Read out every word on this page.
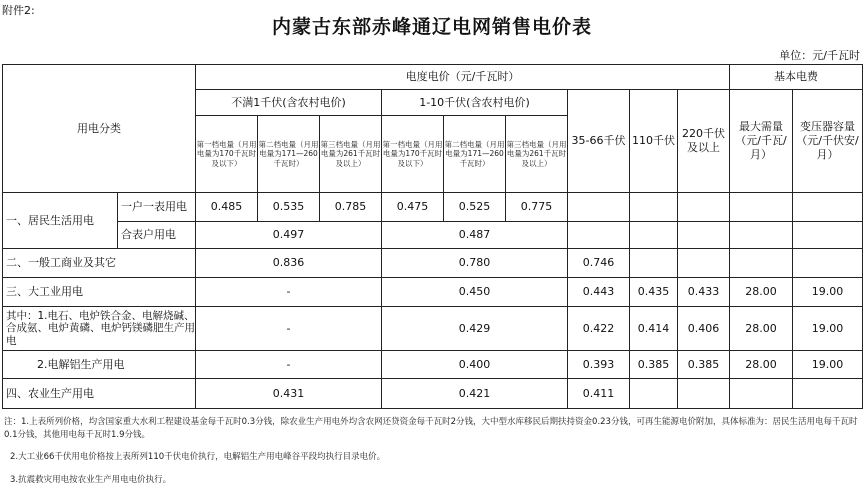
附件2:
内蒙古东部赤峰通辽电网销售电价表
单位：元/千瓦时
用电分类		电度电价（元/千瓦时）									基本电费	
		不满1千伏(含农村电价)			1-10千伏(含农村电价)			35-66千伏	110千伏	220千伏及以上	最大需量（元/千瓦/月）	变压器容量（元/千伏安/月）
		第一档电量（月用电量为170千瓦时及以下）	第二档电量（月用电量为171—260千瓦时）	第三档电量（月用电量为261千瓦时及以上）	第一档电量（月用电量为170千瓦时及以下）	第二档电量（月用电量为171—260千瓦时）	第三档电量（月用电量为261千瓦时及以上）					
一、居民生活用电	一户一表用电	0.485	0.535	0.785	0.475	0.525	0.775					
	合表户用电	0.497			0.487							
二、一般工商业及其它		0.836			0.780			0.746				
三、大工业用电		-			0.450			0.443	0.435	0.433	28.00	19.00
其中：1.电石、电炉铁合金、电解烧碱、合成氨、电炉黄磷、电炉钙镁磷肥生产用电		-			0.429			0.422	0.414	0.406	28.00	19.00
2.电解铝生产用电		-			0.400			0.393	0.385	0.385	28.00	19.00
四、农业生产用电		0.431			0.421			0.411				
注：1.上表所列价格，均含国家重大水利工程建设基金每千瓦时0.3分钱，除农业生产用电外均含农网还贷资金每千瓦时2分钱，大中型水库移民后期扶持资金0.23分钱，可再生能源电价附加，具体标准为：居民生活用电每千瓦时0.1分钱，其他用电每千瓦时1.9分钱。
2.大工业66千伏用电价格按上表所列110千伏电价执行，电解铝生产用电峰谷平段均执行目录电价。
3.抗震救灾用电按农业生产用电电价执行。
